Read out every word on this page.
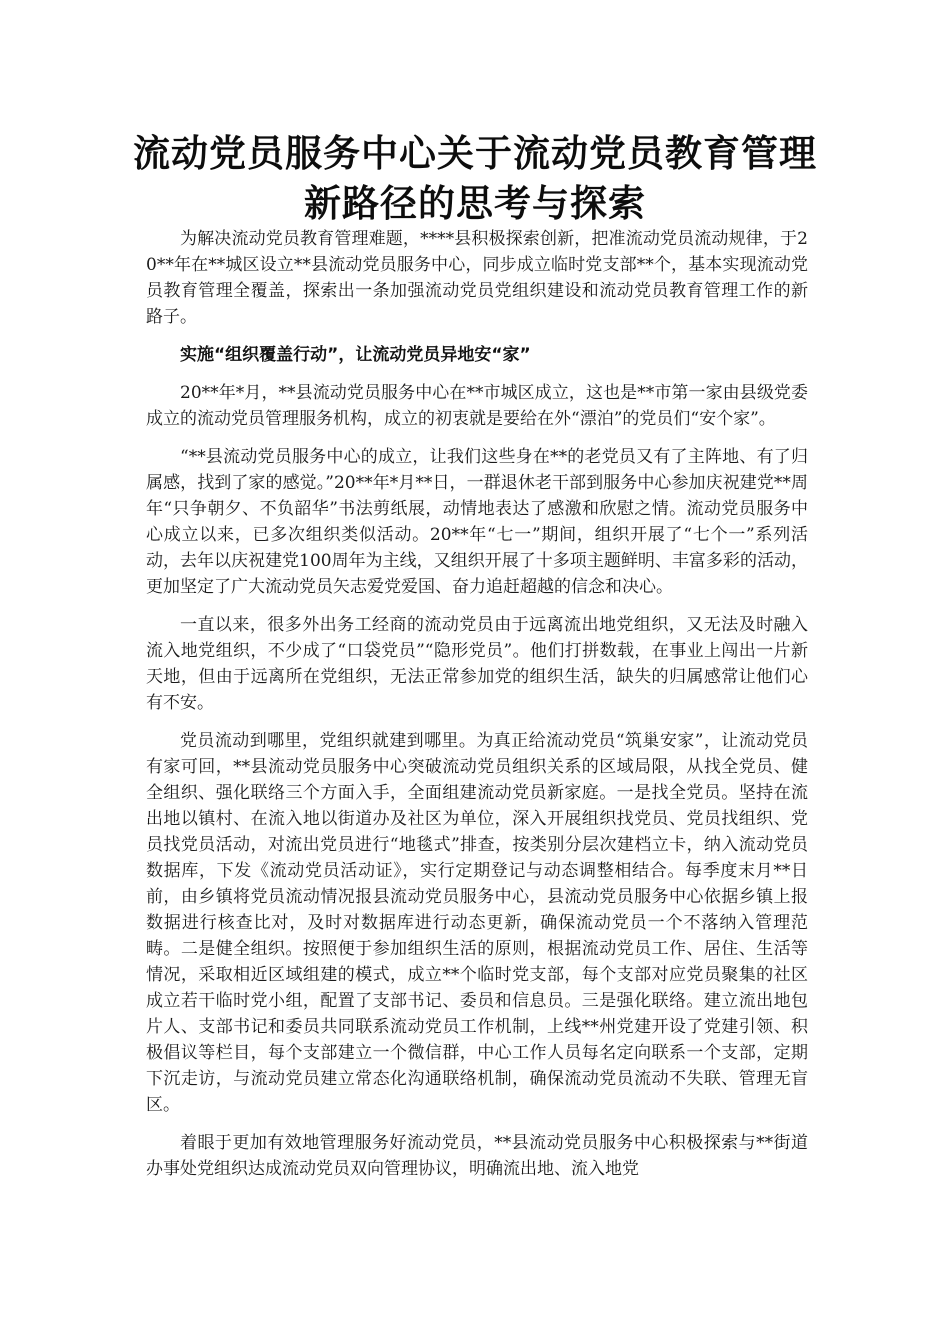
流动党员服务中心关于流动党员教育管理
新路径的思考与探索

为解决流动党员教育管理难题，****县积极探索创新，把准流动党员流动规律，于20**年在**城区设立**县流动党员服务中心，同步成立临时党支部**个，基本实现流动党员教育管理全覆盖，探索出一条加强流动党员党组织建设和流动党员教育管理工作的新路子。

实施“组织覆盖行动”，让流动党员异地安“家”

20**年*月，**县流动党员服务中心在**市城区成立，这也是**市第一家由县级党委成立的流动党员管理服务机构，成立的初衷就是要给在外“漂泊”的党员们“安个家”。

“**县流动党员服务中心的成立，让我们这些身在**的老党员又有了主阵地、有了归属感，找到了家的感觉。”20**年*月**日，一群退休老干部到服务中心参加庆祝建党**周年“只争朝夕、不负韶华”书法剪纸展，动情地表达了感激和欣慰之情。流动党员服务中心成立以来，已多次组织类似活动。20**年“七一”期间，组织开展了“七个一”系列活动，去年以庆祝建党100周年为主线，又组织开展了十多项主题鲜明、丰富多彩的活动，更加坚定了广大流动党员矢志爱党爱国、奋力追赶超越的信念和决心。

一直以来，很多外出务工经商的流动党员由于远离流出地党组织，又无法及时融入流入地党组织，不少成了“口袋党员”“隐形党员”。他们打拼数载，在事业上闯出一片新天地，但由于远离所在党组织，无法正常参加党的组织生活，缺失的归属感常让他们心有不安。

党员流动到哪里，党组织就建到哪里。为真正给流动党员“筑巢安家”，让流动党员有家可回，**县流动党员服务中心突破流动党员组织关系的区域局限，从找全党员、健全组织、强化联络三个方面入手，全面组建流动党员新家庭。一是找全党员。坚持在流出地以镇村、在流入地以街道办及社区为单位，深入开展组织找党员、党员找组织、党员找党员活动，对流出党员进行“地毯式”排查，按类别分层次建档立卡，纳入流动党员数据库，下发《流动党员活动证》，实行定期登记与动态调整相结合。每季度末月**日前，由乡镇将党员流动情况报县流动党员服务中心，县流动党员服务中心依据乡镇上报数据进行核查比对，及时对数据库进行动态更新，确保流动党员一个不落纳入管理范畴。二是健全组织。按照便于参加组织生活的原则，根据流动党员工作、居住、生活等情况，采取相近区域组建的模式，成立**个临时党支部，每个支部对应党员聚集的社区成立若干临时党小组，配置了支部书记、委员和信息员。三是强化联络。建立流出地包片人、支部书记和委员共同联系流动党员工作机制，上线**州党建开设了党建引领、积极倡议等栏目，每个支部建立一个微信群，中心工作人员每名定向联系一个支部，定期下沉走访，与流动党员建立常态化沟通联络机制，确保流动党员流动不失联、管理无盲区。

着眼于更加有效地管理服务好流动党员，**县流动党员服务中心积极探索与**街道办事处党组织达成流动党员双向管理协议，明确流出地、流入地党
